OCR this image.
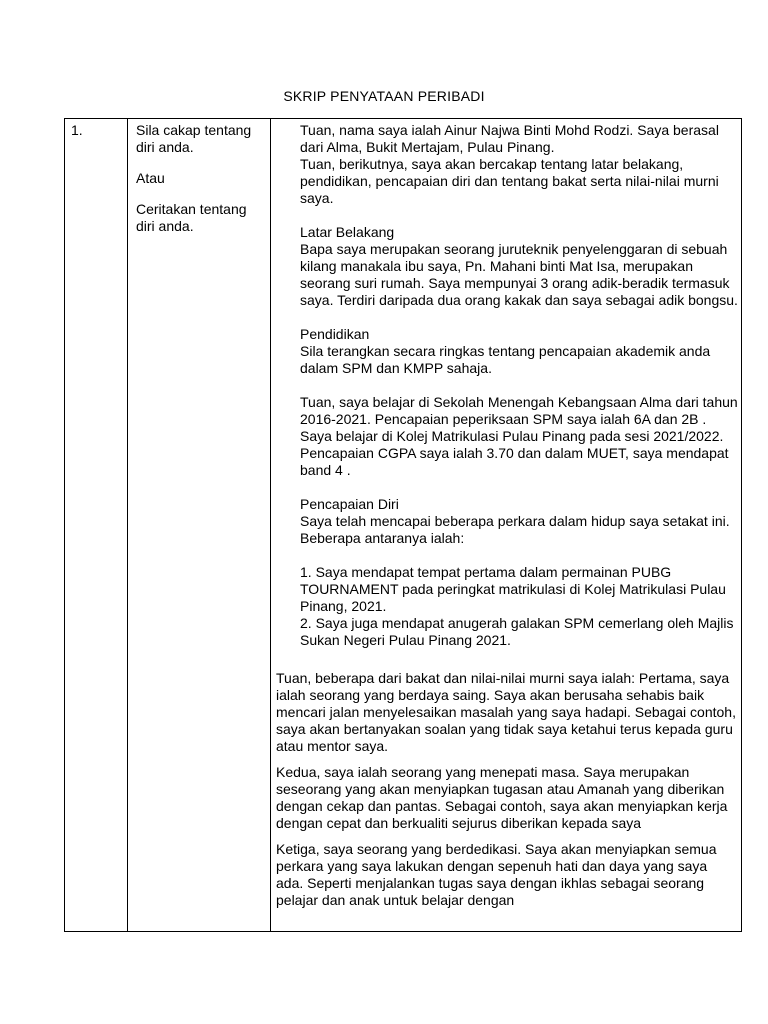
SKRIP PENYATAAN PERIBADI
1.	Sila cakap tentang diri anda.

Atau

Ceritakan tentang diri anda.

Tuan, nama saya ialah Ainur Najwa Binti Mohd Rodzi. Saya berasal dari Alma, Bukit Mertajam, Pulau Pinang.

Tuan, berikutnya, saya akan bercakap tentang latar belakang, pendidikan, pencapaian diri dan tentang bakat serta nilai-nilai murni saya.

Latar Belakang

Bapa saya merupakan seorang juruteknik penyelenggaran di sebuah kilang manakala ibu saya, Pn. Mahani binti Mat Isa, merupakan seorang suri rumah. Saya mempunyai 3 orang adik-beradik termasuk saya. Terdiri daripada dua orang kakak dan saya sebagai adik bongsu.

Pendidikan

Sila terangkan secara ringkas tentang pencapaian akademik anda dalam SPM dan KMPP sahaja.

Tuan, saya belajar di Sekolah Menengah Kebangsaan Alma dari tahun 2016-2021. Pencapaian peperiksaan SPM saya ialah 6A dan 2B . Saya belajar di Kolej Matrikulasi Pulau Pinang pada sesi 2021/2022. Pencapaian CGPA saya ialah 3.70 dan dalam MUET, saya mendapat band 4 .

Pencapaian Diri

Saya telah mencapai beberapa perkara dalam hidup saya setakat ini. Beberapa antaranya ialah:

1. Saya mendapat tempat pertama dalam permainan PUBG TOURNAMENT pada peringkat matrikulasi di Kolej Matrikulasi Pulau Pinang, 2021.

2. Saya juga mendapat anugerah galakan SPM cemerlang oleh Majlis Sukan Negeri Pulau Pinang 2021.

Tuan, beberapa dari bakat dan nilai-nilai murni saya ialah: Pertama, saya ialah seorang yang berdaya saing. Saya akan berusaha sehabis baik mencari jalan menyelesaikan masalah yang saya hadapi. Sebagai contoh, saya akan bertanyakan soalan yang tidak saya ketahui terus kepada guru atau mentor saya.

Kedua, saya ialah seorang yang menepati masa. Saya merupakan seseorang yang akan menyiapkan tugasan atau Amanah yang diberikan dengan cekap dan pantas. Sebagai contoh, saya akan menyiapkan kerja dengan cepat dan berkualiti sejurus diberikan kepada saya

Ketiga, saya seorang yang berdedikasi. Saya akan menyiapkan semua perkara yang saya lakukan dengan sepenuh hati dan daya yang saya ada. Seperti menjalankan tugas saya dengan ikhlas sebagai seorang pelajar dan anak untuk belajar dengan
